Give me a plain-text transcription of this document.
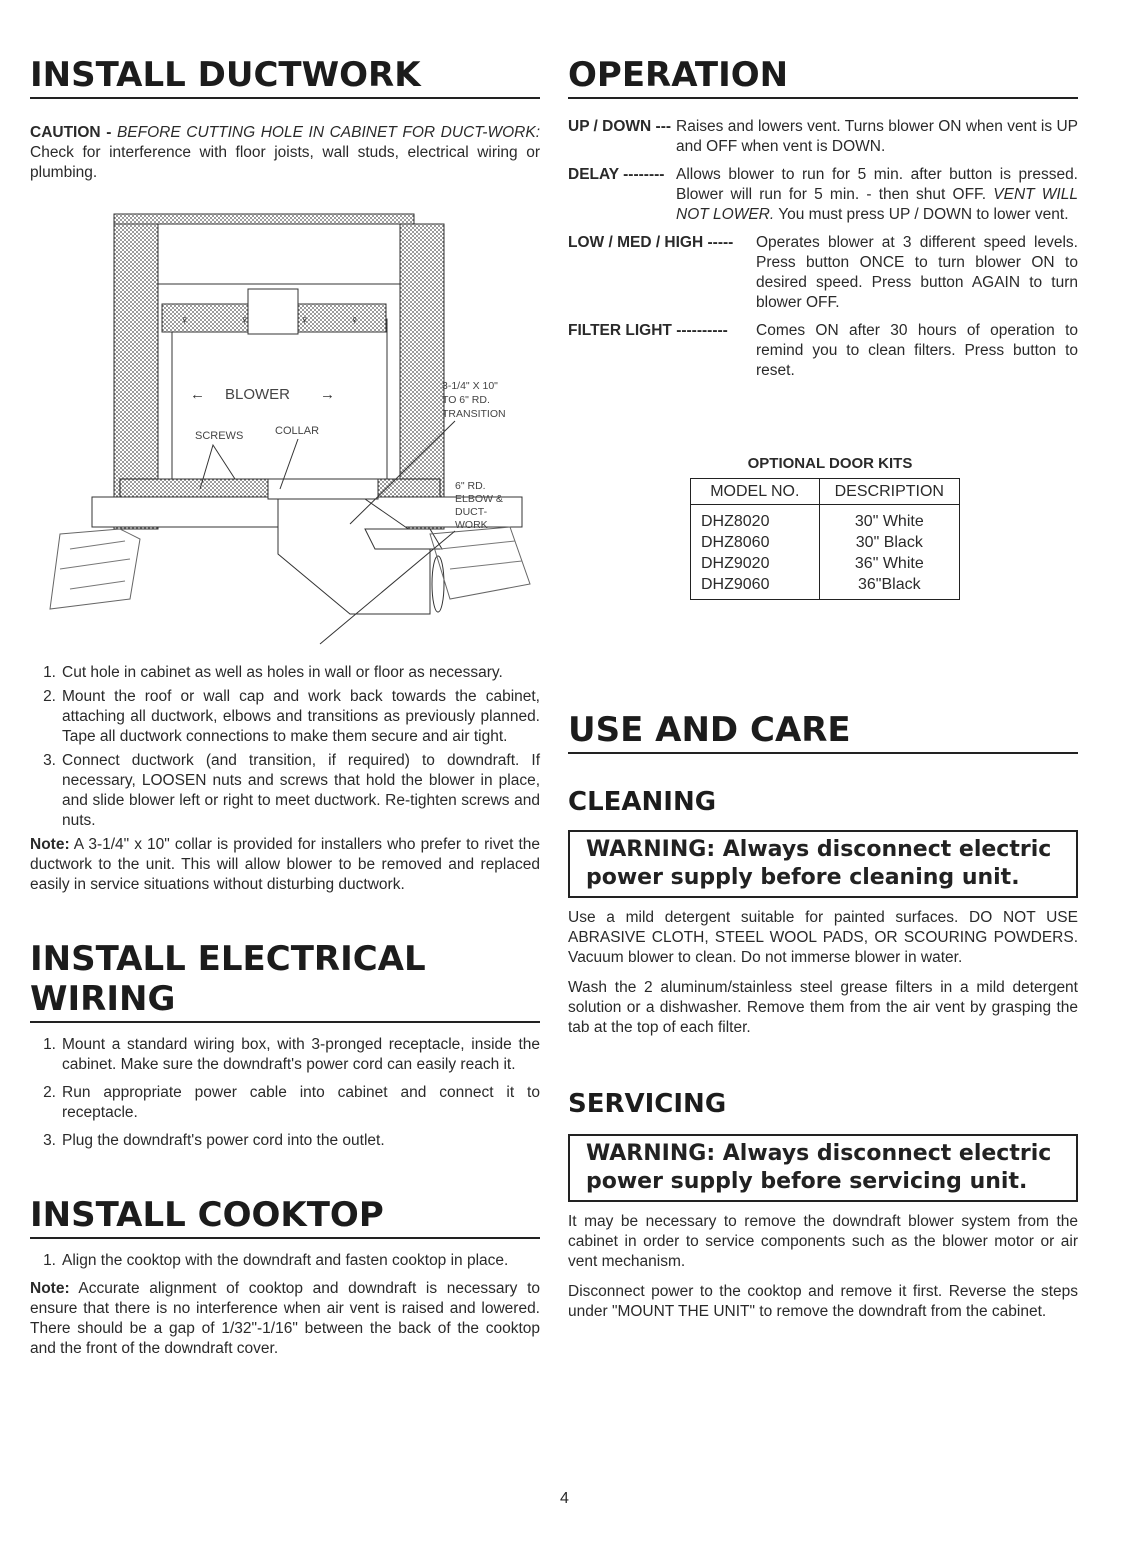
INSTALL DUCTWORK

CAUTION - BEFORE CUTTING HOLE IN CABINET FOR DUCT-WORK: Check for interference with floor joists, wall studs, electrical wiring or plumbing.

♀	♀	♀	♀
← BLOWER →	3-1/4" X 10"
TO 6" RD.
TRANSITION
SCREWS	COLLAR
6" RD.
ELBOW &
DUCT-
WORK
1. Cut hole in cabinet as well as holes in wall or floor as necessary.
2. Mount the roof or wall cap and work back towards the cabinet, attaching all ductwork, elbows and transitions as previously planned. Tape all ductwork connections to make them secure and air tight.
3. Connect ductwork (and transition, if required) to downdraft. If necessary, LOOSEN nuts and screws that hold the blower in place, and slide blower left or right to meet ductwork. Re-tighten screws and nuts.

Note: A 3-1/4" x 10" collar is provided for installers who prefer to rivet the ductwork to the unit. This will allow blower to be removed and replaced easily in service situations without disturbing ductwork.

INSTALL ELECTRICAL WIRING
1. Mount a standard wiring box, with 3-pronged receptacle, inside the cabinet. Make sure the downdraft's power cord can easily reach it.
2. Run appropriate power cable into cabinet and connect it to receptacle.
3. Plug the downdraft's power cord into the outlet.
INSTALL COOKTOP
1. Align the cooktop with the downdraft and fasten cooktop in place.

Note: Accurate alignment of cooktop and downdraft is necessary to ensure that there is no interference when air vent is raised and lowered. There should be a gap of 1/32"-1/16" between the back of the cooktop and the front of the downdraft cover.

OPERATION
UP / DOWN --- Raises and lowers vent. Turns blower ON when vent is UP and OFF when vent is DOWN.
DELAY -------- Allows blower to run for 5 min. after button is pressed. Blower will run for 5 min. - then shut OFF. VENT WILL NOT LOWER. You must press UP / DOWN to lower vent.
LOW / MED / HIGH -----	Operates blower at 3 different speed levels. Press button ONCE to turn blower ON to desired speed. Press button AGAIN to turn blower OFF.
FILTER LIGHT ----------	Comes ON after 30 hours of operation to remind you to clean filters. Press button to reset.
OPTIONAL DOOR KITS
MODEL NO.	DESCRIPTION
DHZ8020	30" White
DHZ8060	30" Black
DHZ9020	36" White
DHZ9060	36"Black
USE AND CARE
CLEANING
WARNING: Always disconnect electric power supply before cleaning unit.

Use a mild detergent suitable for painted surfaces. DO NOT USE ABRASIVE CLOTH, STEEL WOOL PADS, OR SCOURING POWDERS. Vacuum blower to clean. Do not immerse blower in water.

Wash the 2 aluminum/stainless steel grease filters in a mild detergent solution or a dishwasher. Remove them from the air vent by grasping the tab at the top of each filter.

SERVICING
WARNING: Always disconnect electric power supply before servicing unit.

It may be necessary to remove the downdraft blower system from the cabinet in order to service components such as the blower motor or air vent mechanism.

Disconnect power to the cooktop and remove it first. Reverse the steps under "MOUNT THE UNIT" to remove the downdraft from the cabinet.

4
